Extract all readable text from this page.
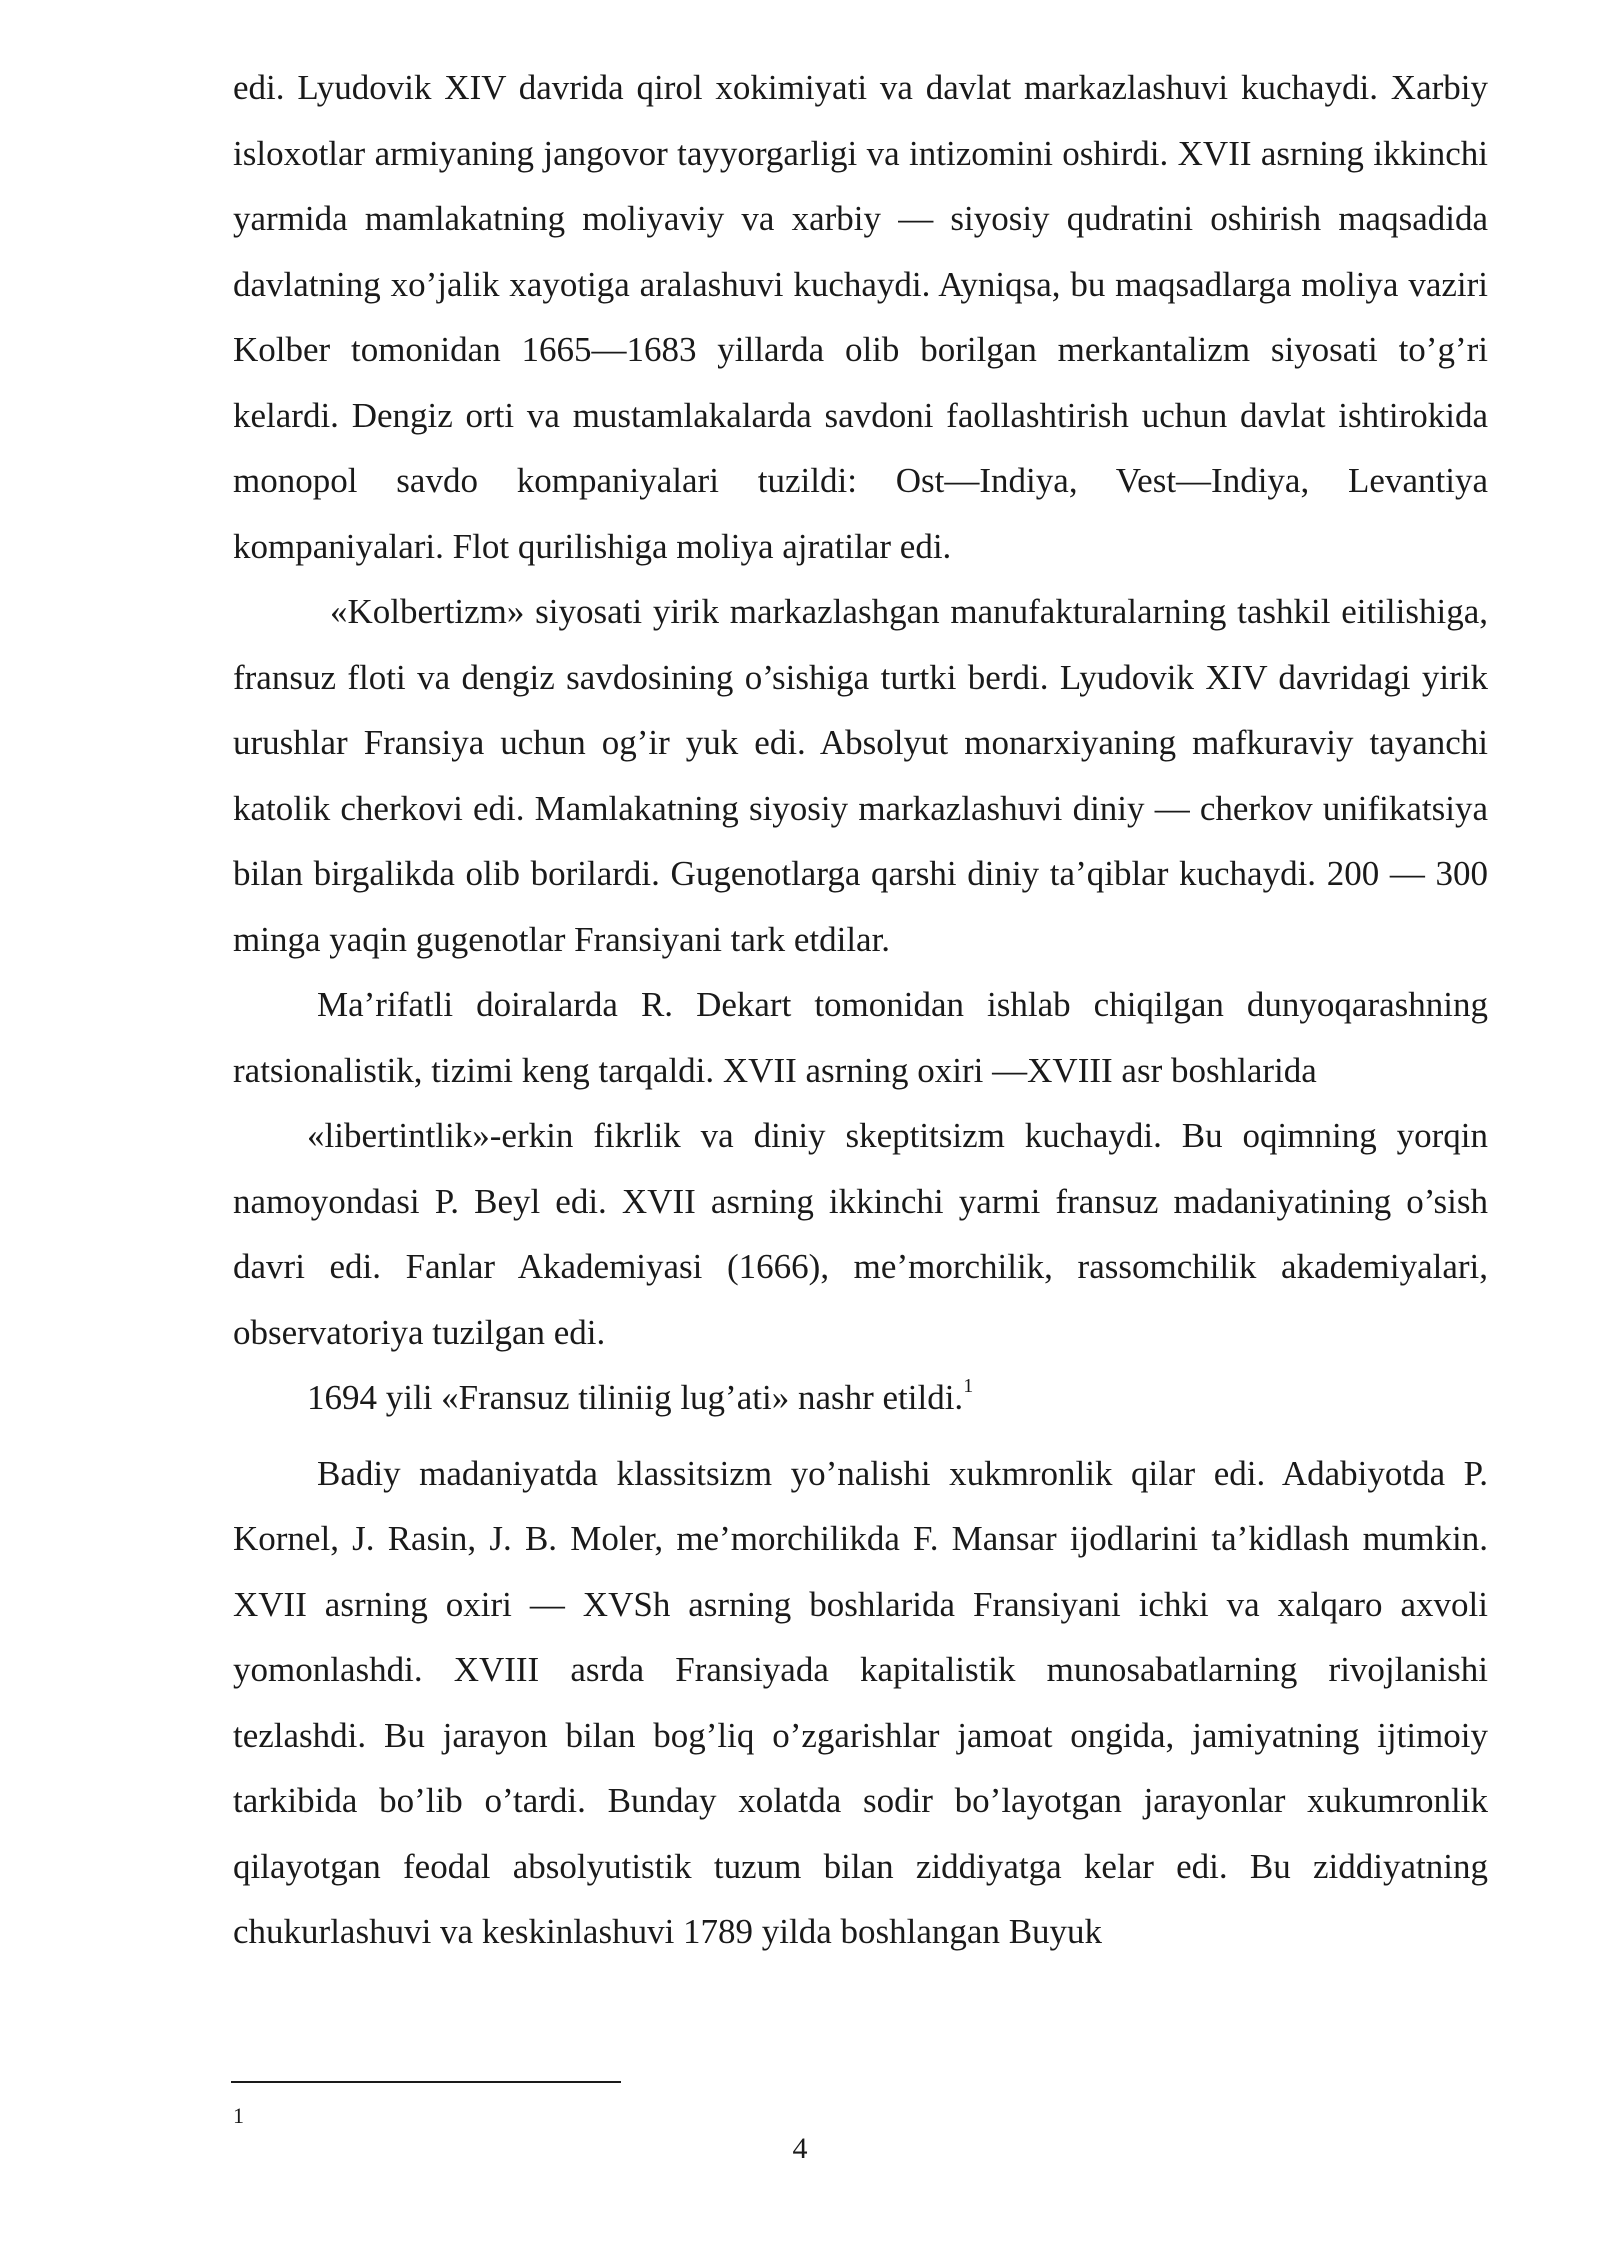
edi. Lyudovik XIV davrida qirol xokimiyati va davlat markazlashuvi kuchaydi. Xarbiy isloxotlar armiyaning jangovor tayyorgarligi va intizomini oshirdi. XVII asrning ikkinchi yarmida mamlakatning moliyaviy va xarbiy — siyosiy qudratini oshirish maqsadida davlatning xo’jalik xayotiga aralashuvi kuchaydi. Ayniqsa, bu maqsadlarga moliya vaziri Kolber tomonidan 1665—1683 yillarda olib borilgan merkantalizm siyosati to’g’ri kelardi. Dengiz orti va mustamlakalarda savdoni faollashtirish uchun davlat ishtirokida monopol savdo kompaniyalari tuzildi: Ost—Indiya, Vest—Indiya, Levantiya kompaniyalari. Flot qurilishiga moliya ajratilar edi.

«Kolbertizm» siyosati yirik markazlashgan manufakturalarning tashkil eitilishiga, fransuz floti va dengiz savdosining o’sishiga turtki berdi. Lyudovik XIV davridagi yirik urushlar Fransiya uchun og’ir yuk edi. Absolyut monarxiyaning mafkuraviy tayanchi katolik cherkovi edi. Mamlakatning siyosiy markazlashuvi diniy — cherkov unifikatsiya bilan birgalikda olib borilardi. Gugenotlarga qarshi diniy ta’qiblar kuchaydi. 200 — 300 minga yaqin gugenotlar Fransiyani tark etdilar.

Ma’rifatli doiralarda R. Dekart tomonidan ishlab chiqilgan dunyoqarashning ratsionalistik, tizimi keng tarqaldi. XVII asrning oxiri —XVIII asr boshlarida

«libertintlik»-erkin fikrlik va diniy skeptitsizm kuchaydi. Bu oqimning yorqin namoyondasi P. Beyl edi. XVII asrning ikkinchi yarmi fransuz madaniyatining o’sish davri edi. Fanlar Akademiyasi (1666), me’morchilik, rassomchilik akademiyalari, observatoriya tuzilgan edi.

1694 yili «Fransuz tiliniig lug’ati» nashr etildi.$^1$

Badiy madaniyatda klassitsizm yo’nalishi xukmronlik qilar edi. Adabiyotda P. Kornel, J. Rasin, J. B. Moler, me’morchilikda F. Mansar ijodlarini ta’kidlash mumkin. XVII asrning oxiri — XVSh asrning boshlarida Fransiyani ichki va xalqaro axvoli yomonlashdi. XVIII asrda Fransiyada kapitalistik munosabatlarning rivojlanishi tezlashdi. Bu jarayon bilan bog’liq o’zgarishlar jamoat ongida, jamiyatning ijtimoiy tarkibida bo’lib o’tardi. Bunday xolatda sodir bo’layotgan jarayonlar xukumronlik qilayotgan feodal absolyutistik tuzum bilan ziddiyatga kelar edi. Bu ziddiyatning chukurlashuvi va keskinlashuvi 1789 yilda boshlangan Buyuk

1
4
